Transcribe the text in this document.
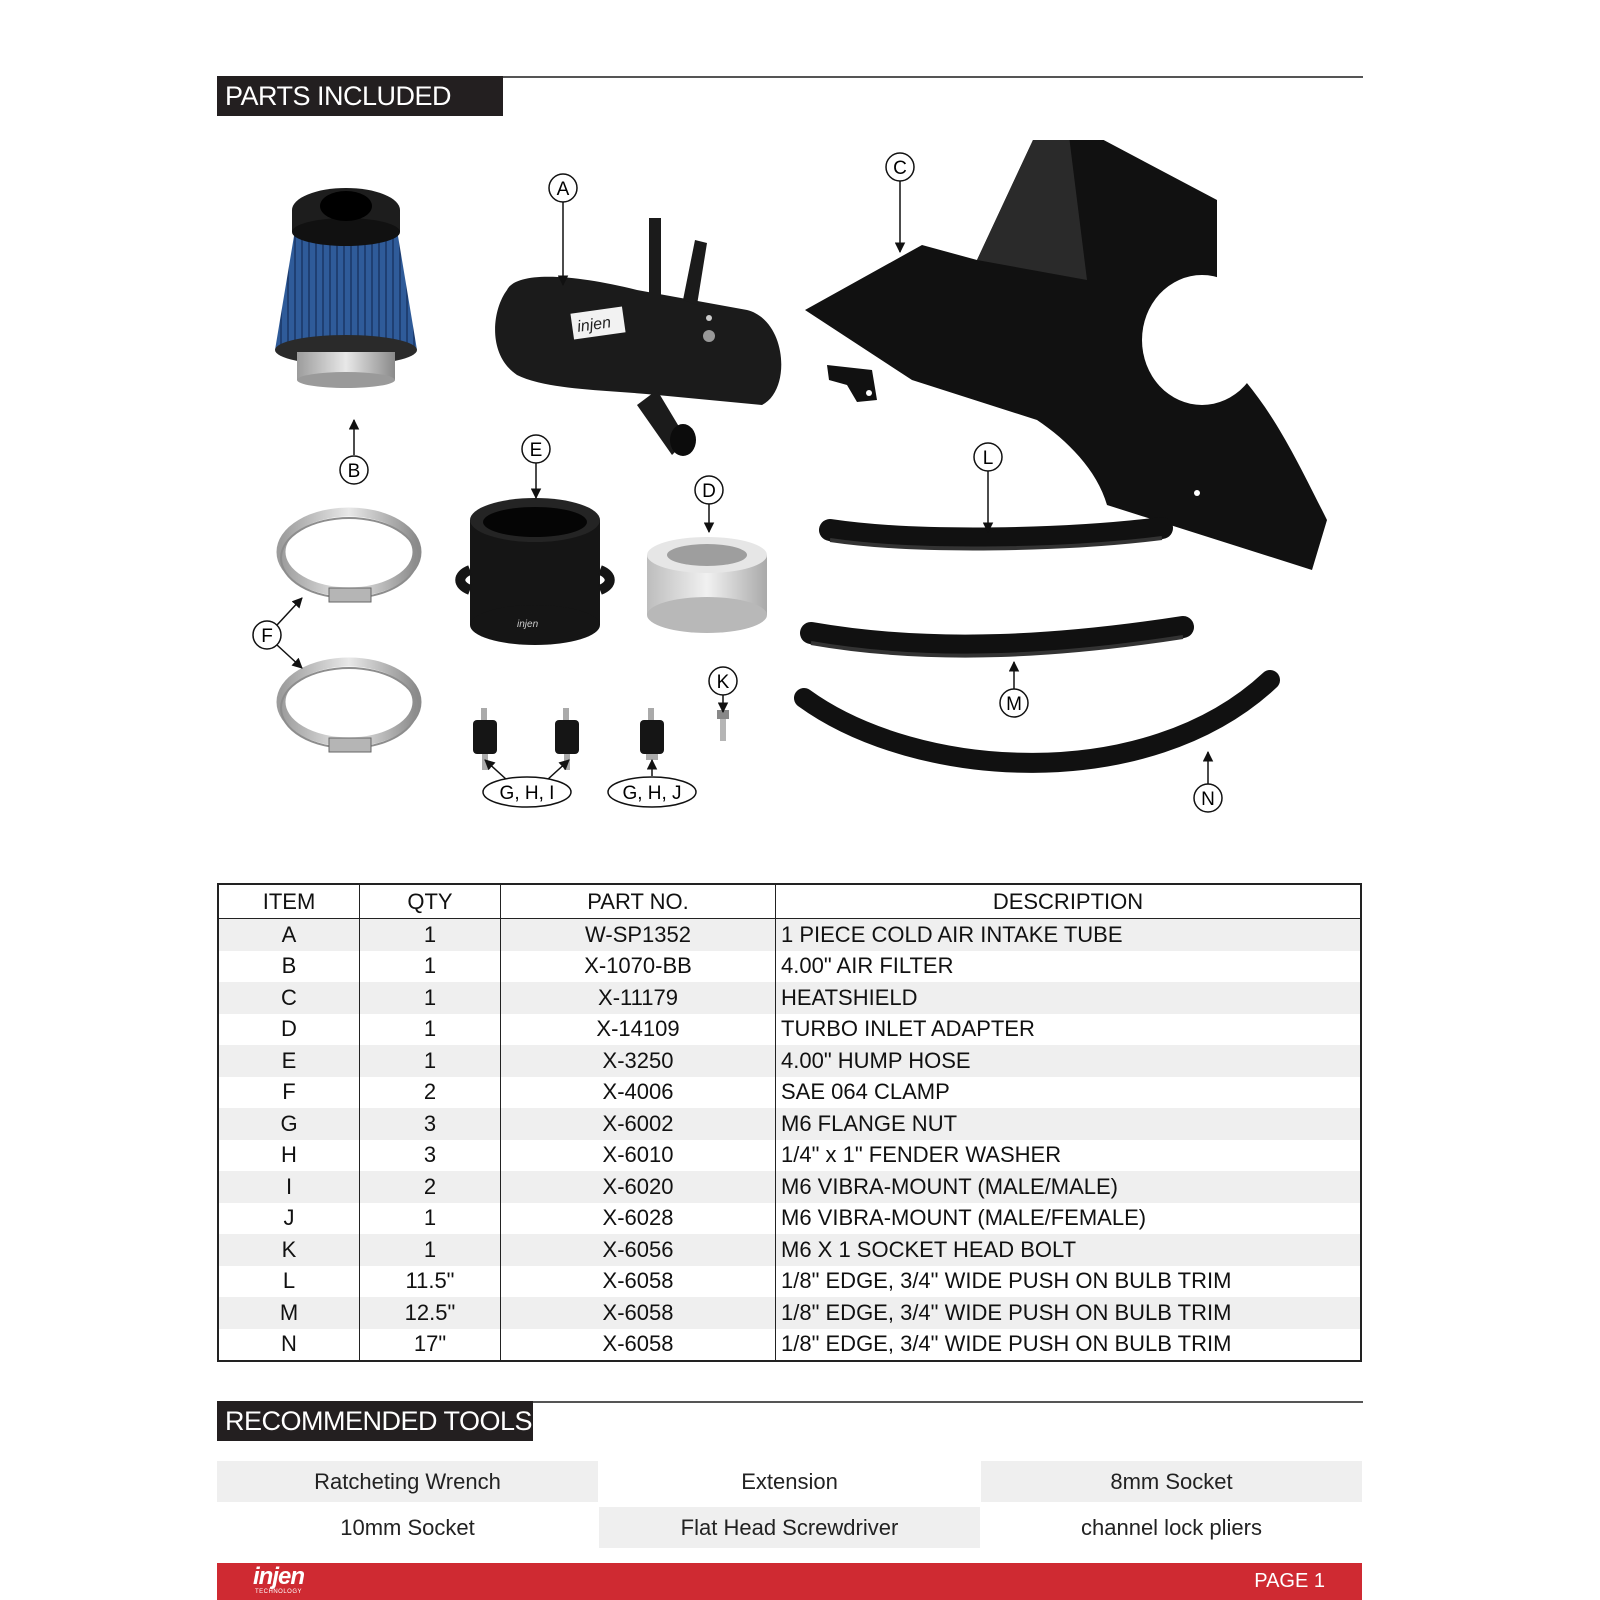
PARTS INCLUDED
injen
injen
A
B
C
E
D
F
L
M
N
K
G, H, I	G, H, J
ITEM	QTY	PART NO.	DESCRIPTION
A	1	W-SP1352	1 PIECE COLD AIR INTAKE TUBE
B	1	X-1070-BB	4.00" AIR FILTER
C	1	X-11179	HEATSHIELD
D	1	X-14109	TURBO INLET ADAPTER
E	1	X-3250	4.00" HUMP HOSE
F	2	X-4006	SAE 064 CLAMP
G	3	X-6002	M6 FLANGE NUT
H	3	X-6010	1/4" x 1" FENDER WASHER
I	2	X-6020	M6 VIBRA-MOUNT (MALE/MALE)
J	1	X-6028	M6 VIBRA-MOUNT (MALE/FEMALE)
K	1	X-6056	M6 X 1 SOCKET HEAD BOLT
L	11.5"	X-6058	1/8" EDGE, 3/4" WIDE PUSH ON BULB TRIM
M	12.5"	X-6058	1/8" EDGE, 3/4" WIDE PUSH ON BULB TRIM
N	17"	X-6058	1/8" EDGE, 3/4" WIDE PUSH ON BULB TRIM
RECOMMENDED TOOLS
Ratcheting Wrench	Extension	8mm Socket
10mm Socket	Flat Head Screwdriver	channel lock pliers
injen
TECHNOLOGY	PAGE 1
